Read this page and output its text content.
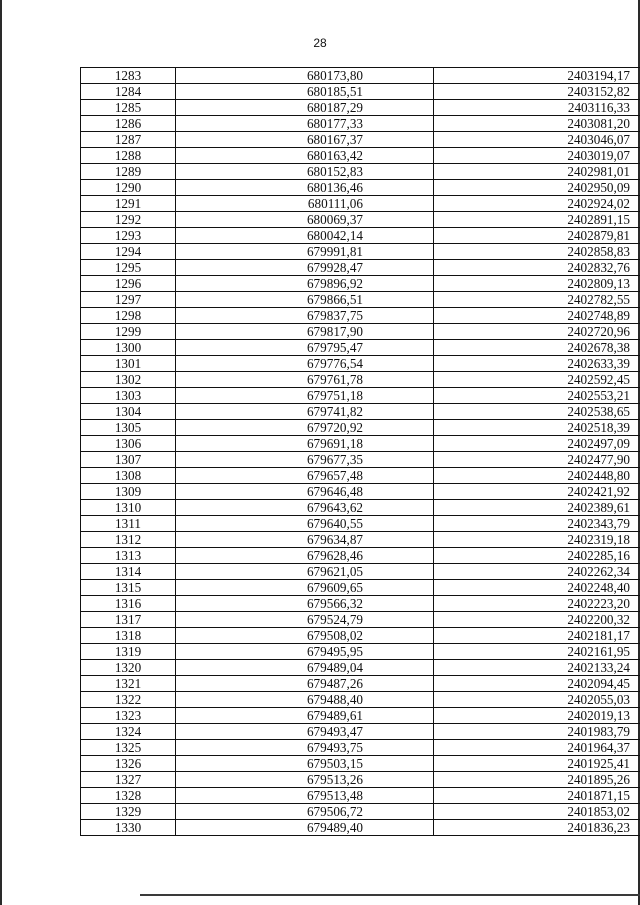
28
1283	680173,80	2403194,17
1284	680185,51	2403152,82
1285	680187,29	2403116,33
1286	680177,33	2403081,20
1287	680167,37	2403046,07
1288	680163,42	2403019,07
1289	680152,83	2402981,01
1290	680136,46	2402950,09
1291	680111,06	2402924,02
1292	680069,37	2402891,15
1293	680042,14	2402879,81
1294	679991,81	2402858,83
1295	679928,47	2402832,76
1296	679896,92	2402809,13
1297	679866,51	2402782,55
1298	679837,75	2402748,89
1299	679817,90	2402720,96
1300	679795,47	2402678,38
1301	679776,54	2402633,39
1302	679761,78	2402592,45
1303	679751,18	2402553,21
1304	679741,82	2402538,65
1305	679720,92	2402518,39
1306	679691,18	2402497,09
1307	679677,35	2402477,90
1308	679657,48	2402448,80
1309	679646,48	2402421,92
1310	679643,62	2402389,61
1311	679640,55	2402343,79
1312	679634,87	2402319,18
1313	679628,46	2402285,16
1314	679621,05	2402262,34
1315	679609,65	2402248,40
1316	679566,32	2402223,20
1317	679524,79	2402200,32
1318	679508,02	2402181,17
1319	679495,95	2402161,95
1320	679489,04	2402133,24
1321	679487,26	2402094,45
1322	679488,40	2402055,03
1323	679489,61	2402019,13
1324	679493,47	2401983,79
1325	679493,75	2401964,37
1326	679503,15	2401925,41
1327	679513,26	2401895,26
1328	679513,48	2401871,15
1329	679506,72	2401853,02
1330	679489,40	2401836,23
